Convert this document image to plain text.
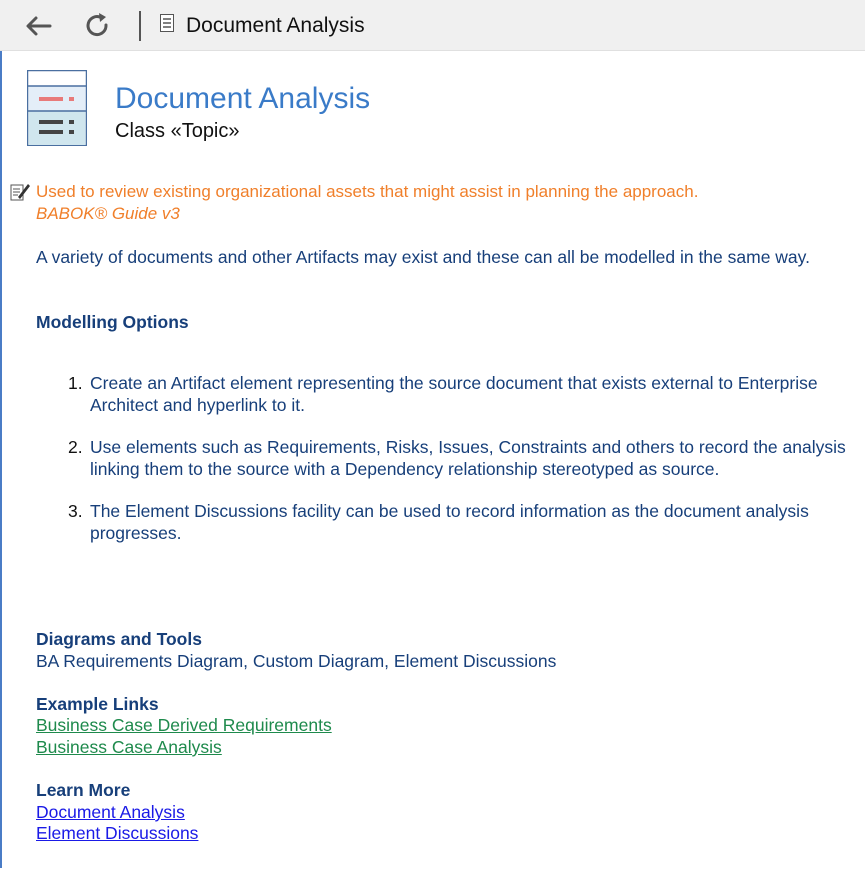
Document Analysis
Document Analysis
Class «Topic»
Used to review existing organizational assets that might assist in planning the approach.
BABOK® Guide v3
A variety of documents and other Artifacts may exist and these can all be modelled in the same way.
Modelling Options
1. Create an Artifact element representing the source document that exists external to Enterprise Architect and hyperlink to it.
2. Use elements such as Requirements, Risks, Issues, Constraints and others to record the analysis linking them to the source with a Dependency relationship stereotyped as source.
3. The Element Discussions facility can be used to record information as the document analysis progresses.
Diagrams and Tools
BA Requirements Diagram, Custom Diagram, Element Discussions
Example Links
Business Case Derived Requirements
Business Case Analysis
Learn More
Document Analysis
Element Discussions
